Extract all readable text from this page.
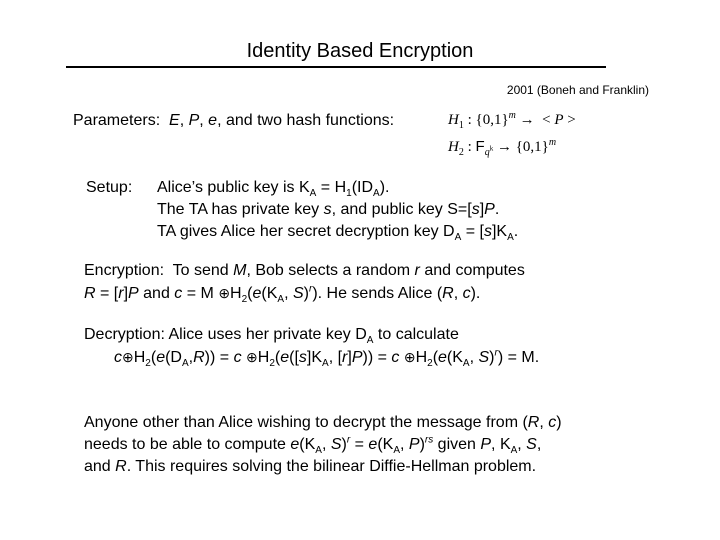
Identity Based Encryption
2001 (Boneh and Franklin)
Parameters: E, P, e, and two hash functions:	$H_1$ : $\{0,1\}^m$ →  < P >
$H_2$ : $F_{q^k} \to \{0,1\}^m$
Setup: Alice’s public key is $K_A = H_1(ID_A)$.
The TA has private key s, and public key S=[s]P.
TA gives Alice her secret decryption key $D_A = [s]K_A$.
Encryption:  To send M, Bob selects a random r and computes
R = [r]P and c = M $\oplus H_2(e(K_A$, S)$^r$). He sends Alice (R, c).
Decryption: Alice uses her private key $D_A$ to calculate
$c\oplus H_2(e(D_A,R)) = c$ $\oplus H_2(e([s]K_A$, [r]P)) = c $\oplus H_2(e(K_A$, S)$^r$) = M.
Anyone other than Alice wishing to decrypt the message from (R, c)
needs to be able to compute $e(K_A$, $S)^r = e(K_A$, P)$^{rs}$ given P, $K_A$, S,
and R. This requires solving the bilinear Diffie-Hellman problem.
